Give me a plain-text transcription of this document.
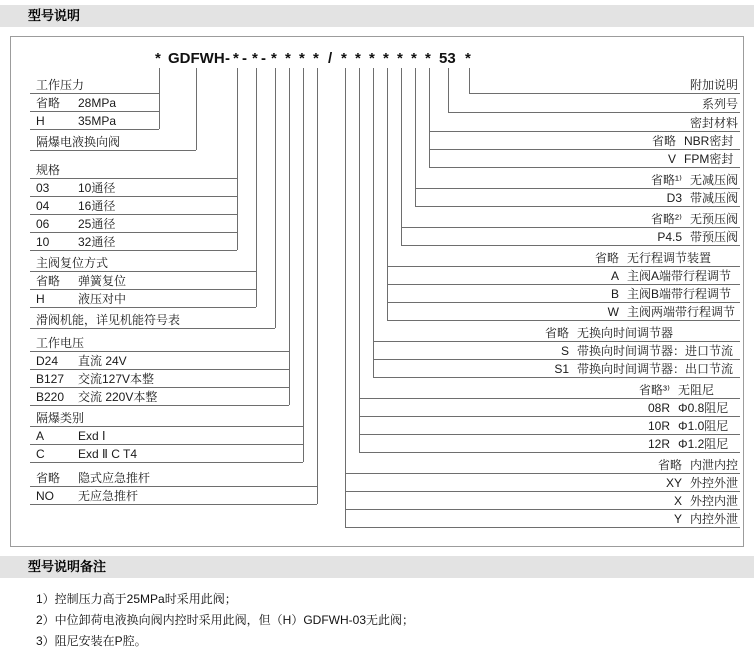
型号说明
型号说明备注
* GDFWH - * - * - * * * * / * * * * * * * 53 *
工作压力
省略 28MPa
H	35MPa
隔爆电液换向阀
规格
03 10通径
04 16通径
06 25通径
10 32通径
主阀复位方式
省略 弹簧复位
H	液压对中
滑阀机能，详见机能符号表
工作电压
D24 直流 24V
B127 交流127V本整
B220 交流 220V本整
隔爆类别
A	Exd Ⅰ
C	Exd Ⅱ C T4
省略 隐式应急推杆
NO 无应急推杆
附加说明
系列号
密封材料
省略 NBR密封
V FPM密封
省略¹⁾ 无减压阀
D3 带减压阀
省略²⁾ 无预压阀
P4.5 带预压阀
省略 无行程调节装置
A 主阀A端带行程调节
B 主阀B端带行程调节
W 主阀两端带行程调节
省略 无换向时间调节器
S 带换向时间调节器：进口节流
S1 带换向时间调节器：出口节流
省略³⁾ 无阻尼
08R Φ0.8阻尼
10R Φ1.0阻尼
12R Φ1.2阻尼
省略 内泄内控
XY 外控外泄
X 外控内泄
Y 内控外泄
1）控制压力高于25MPa时采用此阀；
2）中位卸荷电液换向阀内控时采用此阀，但（H）GDFWH-03无此阀；
3）阻尼安装在P腔。
